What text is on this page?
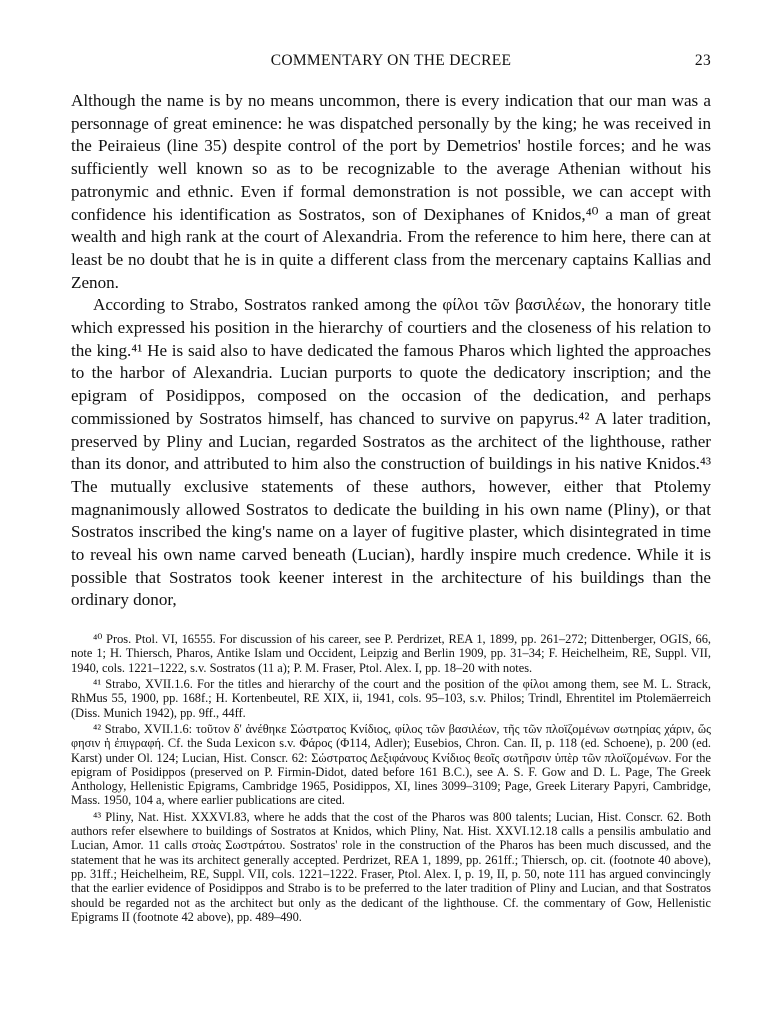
COMMENTARY ON THE DECREE	23

Although the name is by no means uncommon, there is every indication that our man was a personnage of great eminence: he was dispatched personally by the king; he was received in the Peiraieus (line 35) despite control of the port by Demetrios' hostile forces; and he was sufficiently well known so as to be recognizable to the average Athenian without his patronymic and ethnic. Even if formal demonstration is not possible, we can accept with confidence his identification as Sostratos, son of Dexiphanes of Knidos,⁴⁰ a man of great wealth and high rank at the court of Alexandria. From the reference to him here, there can at least be no doubt that he is in quite a different class from the mercenary captains Kallias and Zenon.

According to Strabo, Sostratos ranked among the φίλοι τῶν βασιλέων, the honorary title which expressed his position in the hierarchy of courtiers and the closeness of his relation to the king.⁴¹ He is said also to have dedicated the famous Pharos which lighted the approaches to the harbor of Alexandria. Lucian purports to quote the dedicatory inscription; and the epigram of Posidippos, composed on the occasion of the dedication, and perhaps commissioned by Sostratos himself, has chanced to survive on papyrus.⁴² A later tradition, preserved by Pliny and Lucian, regarded Sostratos as the architect of the lighthouse, rather than its donor, and attributed to him also the construction of buildings in his native Knidos.⁴³ The mutually exclusive statements of these authors, however, either that Ptolemy magnanimously allowed Sostratos to dedicate the building in his own name (Pliny), or that Sostratos inscribed the king's name on a layer of fugitive plaster, which disintegrated in time to reveal his own name carved beneath (Lucian), hardly inspire much credence. While it is possible that Sostratos took keener interest in the architecture of his buildings than the ordinary donor,

⁴⁰ Pros. Ptol. VI, 16555. For discussion of his career, see P. Perdrizet, REA 1, 1899, pp. 261–272; Dittenberger, OGIS, 66, note 1; H. Thiersch, Pharos, Antike Islam und Occident, Leipzig and Berlin 1909, pp. 31–34; F. Heichelheim, RE, Suppl. VII, 1940, cols. 1221–1222, s.v. Sostratos (11 a); P. M. Fraser, Ptol. Alex. I, pp. 18–20 with notes.

⁴¹ Strabo, XVII.1.6. For the titles and hierarchy of the court and the position of the φίλοι among them, see M. L. Strack, RhMus 55, 1900, pp. 168f.; H. Kortenbeutel, RE XIX, ii, 1941, cols. 95–103, s.v. Philos; Trindl, Ehrentitel im Ptolemäerreich (Diss. Munich 1942), pp. 9ff., 44ff.

⁴² Strabo, XVII.1.6: τοῦτον δ' ἀνέθηκε Σώστρατος Κνίδιος, φίλος τῶν βασιλέων, τῆς τῶν πλοϊζομένων σωτηρίας χάριν, ὥς φησιν ἡ ἐπιγραφή. Cf. the Suda Lexicon s.v. Φάρος (Φ114, Adler); Eusebios, Chron. Can. II, p. 118 (ed. Schoene), p. 200 (ed. Karst) under Ol. 124; Lucian, Hist. Conscr. 62: Σώστρατος Δεξιφάνους Κνίδιος θεοῖς σωτῆρσιν ὑπὲρ τῶν πλοϊζομένων. For the epigram of Posidippos (preserved on P. Firmin-Didot, dated before 161 B.C.), see A. S. F. Gow and D. L. Page, The Greek Anthology, Hellenistic Epigrams, Cambridge 1965, Posidippos, XI, lines 3099–3109; Page, Greek Literary Papyri, Cambridge, Mass. 1950, 104 a, where earlier publications are cited.

⁴³ Pliny, Nat. Hist. XXXVI.83, where he adds that the cost of the Pharos was 800 talents; Lucian, Hist. Conscr. 62. Both authors refer elsewhere to buildings of Sostratos at Knidos, which Pliny, Nat. Hist. XXVI.12.18 calls a pensilis ambulatio and Lucian, Amor. 11 calls στοὰς Σωστράτου. Sostratos' role in the construction of the Pharos has been much discussed, and the statement that he was its architect generally accepted. Perdrizet, REA 1, 1899, pp. 261ff.; Thiersch, op. cit. (footnote 40 above), pp. 31ff.; Heichelheim, RE, Suppl. VII, cols. 1221–1222. Fraser, Ptol. Alex. I, p. 19, II, p. 50, note 111 has argued convincingly that the earlier evidence of Posidippos and Strabo is to be preferred to the later tradition of Pliny and Lucian, and that Sostratos should be regarded not as the architect but only as the dedicant of the lighthouse. Cf. the commentary of Gow, Hellenistic Epigrams II (footnote 42 above), pp. 489–490.
